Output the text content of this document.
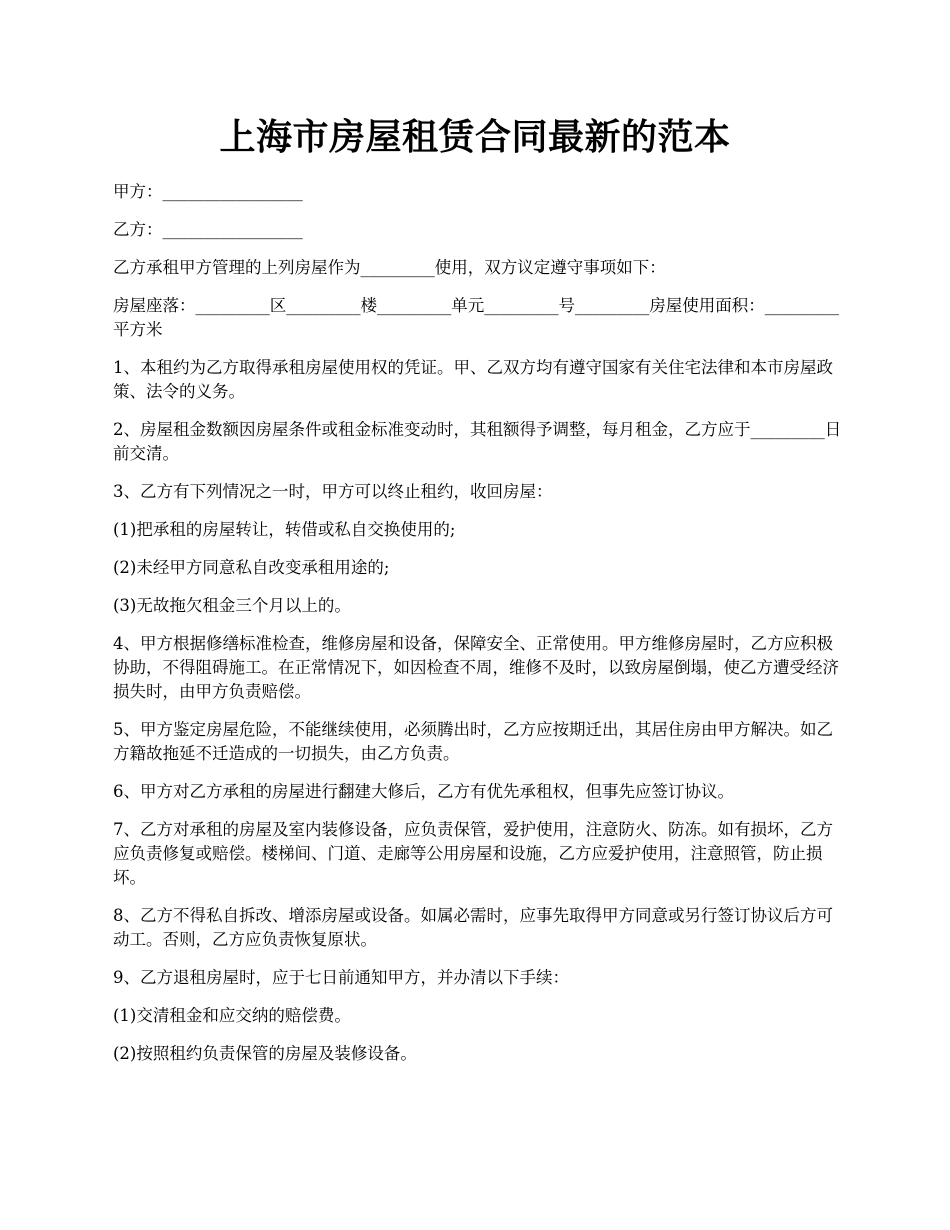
上海市房屋租赁合同最新的范本

甲方：_________________

乙方：_________________

乙方承租甲方管理的上列房屋作为_________使用，双方议定遵守事项如下：

房屋座落：_________区_________楼_________单元_________号_________房屋使用面积：_________平方米

1、本租约为乙方取得承租房屋使用权的凭证。甲、乙双方均有遵守国家有关住宅法律和本市房屋政策、法令的义务。

2、房屋租金数额因房屋条件或租金标准变动时，其租额得予调整，每月租金，乙方应于_________日前交清。

3、乙方有下列情况之一时，甲方可以终止租约，收回房屋：

(1)把承租的房屋转让，转借或私自交换使用的;

(2)未经甲方同意私自改变承租用途的;

(3)无故拖欠租金三个月以上的。

4、甲方根据修缮标准检查，维修房屋和设备，保障安全、正常使用。甲方维修房屋时，乙方应积极协助，不得阻碍施工。在正常情况下，如因检查不周，维修不及时，以致房屋倒塌，使乙方遭受经济损失时，由甲方负责赔偿。

5、甲方鉴定房屋危险，不能继续使用，必须腾出时，乙方应按期迁出，其居住房由甲方解决。如乙方籍故拖延不迁造成的一切损失，由乙方负责。

6、甲方对乙方承租的房屋进行翻建大修后，乙方有优先承租权，但事先应签订协议。

7、乙方对承租的房屋及室内装修设备，应负责保管，爱护使用，注意防火、防冻。如有损坏，乙方应负责修复或赔偿。楼梯间、门道、走廊等公用房屋和设施，乙方应爱护使用，注意照管，防止损坏。

8、乙方不得私自拆改、增添房屋或设备。如属必需时，应事先取得甲方同意或另行签订协议后方可动工。否则，乙方应负责恢复原状。

9、乙方退租房屋时，应于七日前通知甲方，并办清以下手续：

(1)交清租金和应交纳的赔偿费。

(2)按照租约负责保管的房屋及装修设备。
